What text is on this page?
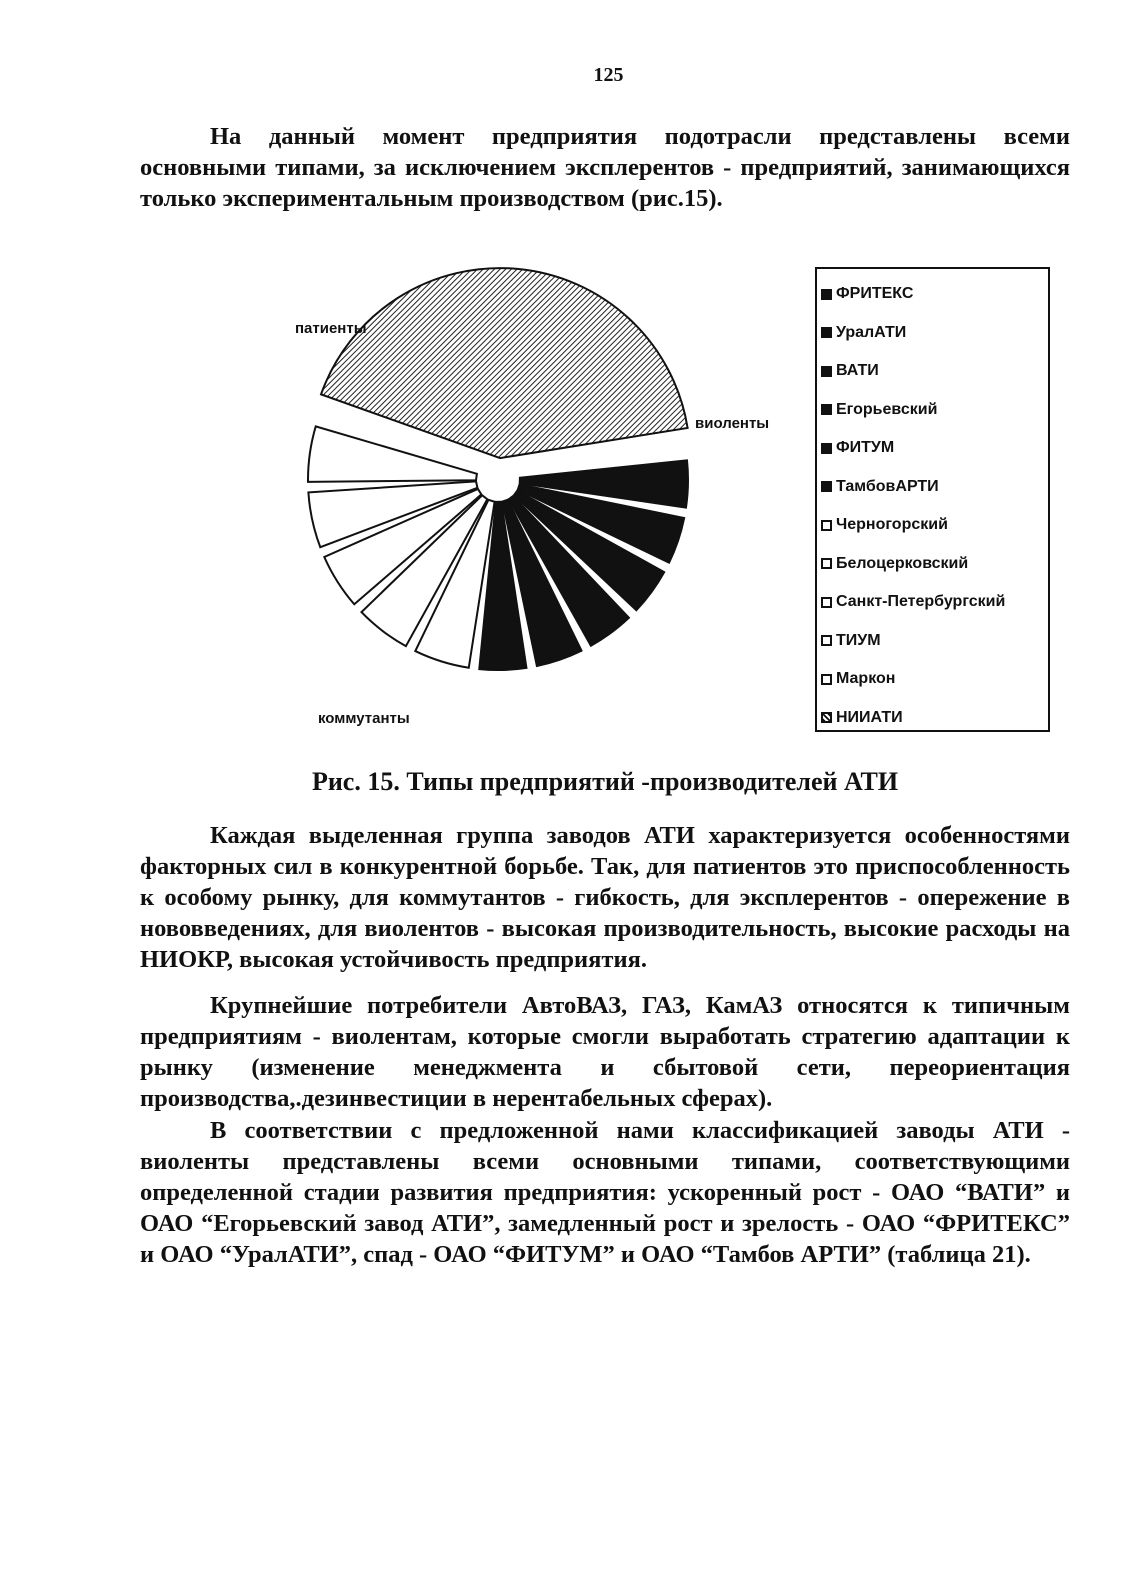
125

На данный момент предприятия подотрасли представлены всеми основными типами, за исключением эксплерентов - предприятий, занимающихся только экспериментальным производством (рис.15).

патиенты
виоленты
коммутанты
ФРИТЕКС
УралАТИ
ВАТИ
Егорьевский
ФИТУМ
ТамбовАРТИ
Черногорский
Белоцерковский
Санкт-Петербургский
ТИУМ
Маркон
НИИАТИ
Рис. 15. Типы предприятий -производителей АТИ

Каждая выделенная группа заводов АТИ характеризуется особенностями факторных сил в конкурентной борьбе. Так, для патиентов это приспособленность к особому рынку, для коммутантов - гибкость, для эксплерентов - опережение в нововведениях, для виолентов - высокая производительность, высокие расходы на НИОКР, высокая устойчивость предприятия.

Крупнейшие потребители АвтоВАЗ, ГАЗ, КамАЗ относятся к типичным предприятиям - виолентам, которые смогли выработать стратегию адаптации к рынку (изменение менеджмента и сбытовой сети, переориентация производства,.дезинвестиции в нерентабельных сферах).

В соответствии с предложенной нами классификацией заводы АТИ - виоленты представлены всеми основными типами, соответствующими определенной стадии развития предприятия: ускоренный рост - ОАО “ВАТИ” и ОАО “Егорьевский завод АТИ”, замедленный рост и зрелость - ОАО “ФРИТЕКС” и ОАО “УралАТИ”, спад - ОАО “ФИТУМ” и ОАО “Тамбов АРТИ” (таблица 21).
